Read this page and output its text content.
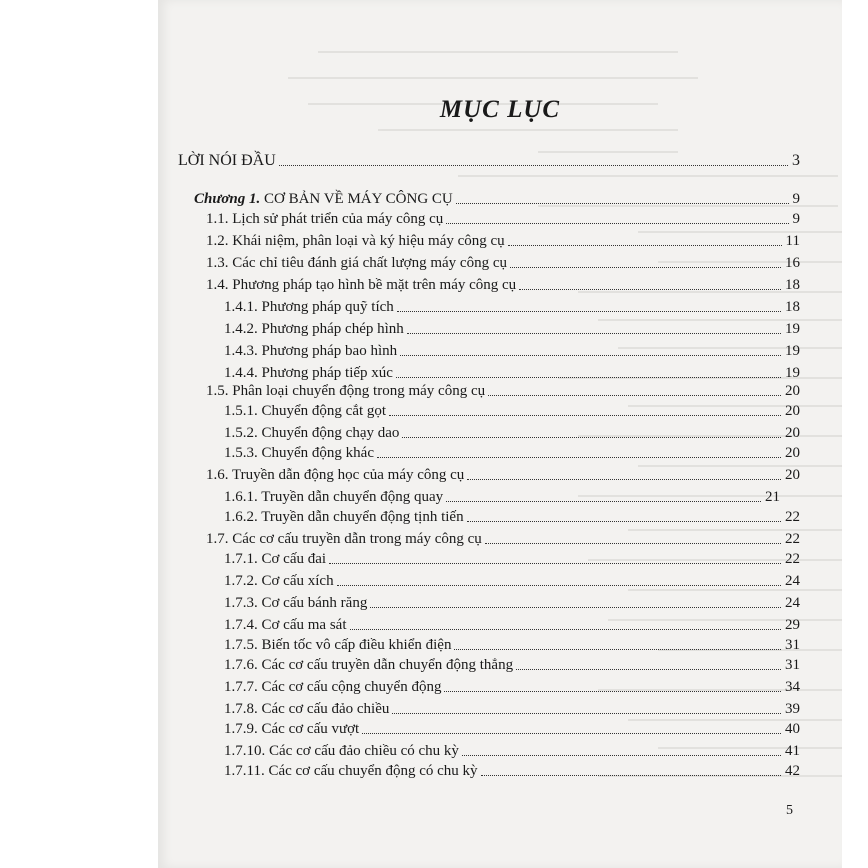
MỤC LỤC
LỜI NÓI ĐẦU	3
Chương 1. CƠ BẢN VỀ MÁY CÔNG CỤ	9
1.1. Lịch sử phát triển của máy công cụ	9
1.2. Khái niệm, phân loại và ký hiệu máy công cụ	11
1.3. Các chỉ tiêu đánh giá chất lượng máy công cụ	16
1.4. Phương pháp tạo hình bề mặt trên máy công cụ	18
1.4.1. Phương pháp quỹ tích	18
1.4.2. Phương pháp chép hình	19
1.4.3. Phương pháp bao hình	19
1.4.4. Phương pháp tiếp xúc	19
1.5. Phân loại chuyển động trong máy công cụ	20
1.5.1. Chuyển động cắt gọt	20
1.5.2. Chuyển động chạy dao	20
1.5.3. Chuyển động khác	20
1.6. Truyền dẫn động học của máy công cụ	20
1.6.1. Truyền dẫn chuyển động quay	21
1.6.2. Truyền dẫn chuyển động tịnh tiến	22
1.7. Các cơ cấu truyền dẫn trong máy công cụ	22
1.7.1. Cơ cấu đai	22
1.7.2. Cơ cấu xích	24
1.7.3. Cơ cấu bánh răng	24
1.7.4. Cơ cấu ma sát	29
1.7.5. Biến tốc vô cấp điều khiển điện	31
1.7.6. Các cơ cấu truyền dẫn chuyển động thẳng	31
1.7.7. Các cơ cấu cộng chuyển động	34
1.7.8. Các cơ cấu đảo chiều	39
1.7.9. Các cơ cấu vượt	40
1.7.10. Các cơ cấu đảo chiều có chu kỳ	41
1.7.11. Các cơ cấu chuyển động có chu kỳ	42
5
